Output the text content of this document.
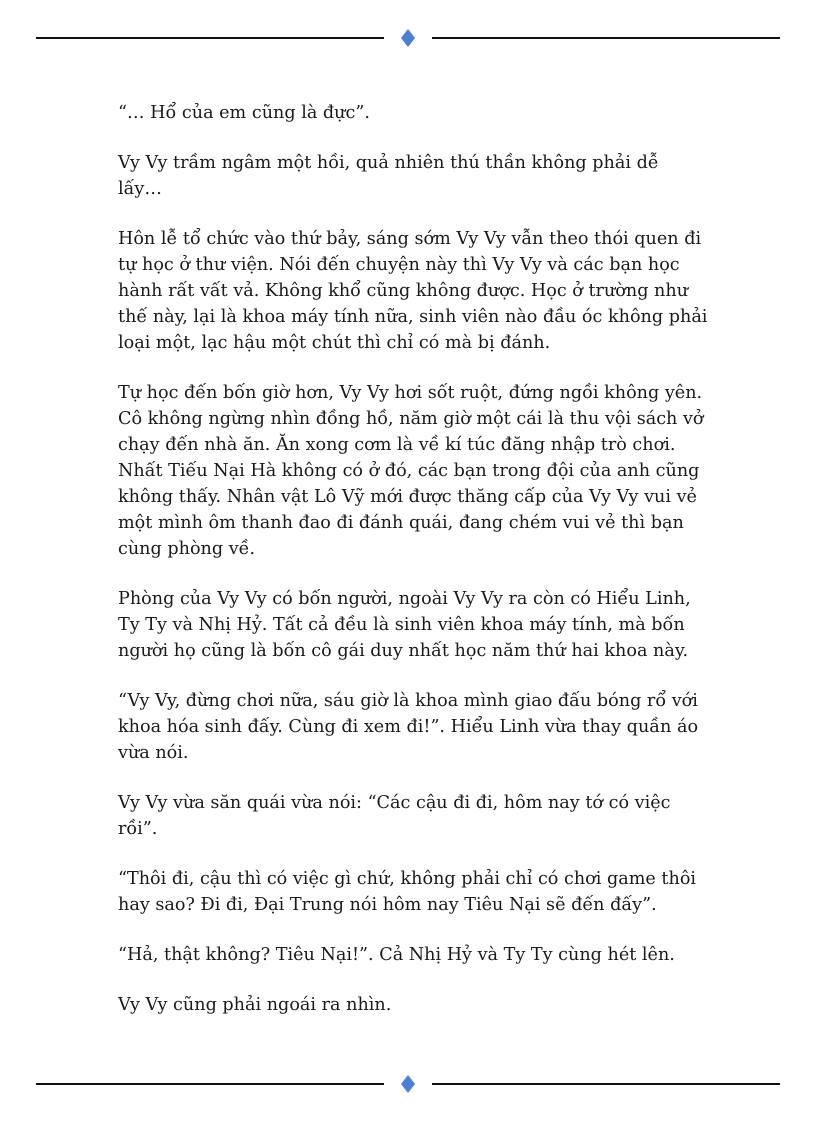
“… Hổ của em cũng là đực”.

Vy Vy trầm ngâm một hồi, quả nhiên thú thần không phải dễ lấy…

Hôn lễ tổ chức vào thứ bảy, sáng sớm Vy Vy vẫn theo thói quen đi tự học ở thư viện. Nói đến chuyện này thì Vy Vy và các bạn học hành rất vất vả. Không khổ cũng không được. Học ở trường như thế này, lại là khoa máy tính nữa, sinh viên nào đầu óc không phải loại một, lạc hậu một chút thì chỉ có mà bị đánh.

Tự học đến bốn giờ hơn, Vy Vy hơi sốt ruột, đứng ngồi không yên. Cô không ngừng nhìn đồng hồ, năm giờ một cái là thu vội sách vở chạy đến nhà ăn. Ăn xong cơm là về kí túc đăng nhập trò chơi. Nhất Tiếu Nại Hà không có ở đó, các bạn trong đội của anh cũng không thấy. Nhân vật Lô Vỹ mới được thăng cấp của Vy Vy vui vẻ một mình ôm thanh đao đi đánh quái, đang chém vui vẻ thì bạn cùng phòng về.

Phòng của Vy Vy có bốn người, ngoài Vy Vy ra còn có Hiểu Linh, Ty Ty và Nhị Hỷ. Tất cả đều là sinh viên khoa máy tính, mà bốn người họ cũng là bốn cô gái duy nhất học năm thứ hai khoa này.

“Vy Vy, đừng chơi nữa, sáu giờ là khoa mình giao đấu bóng rổ với khoa hóa sinh đấy. Cùng đi xem đi!”. Hiểu Linh vừa thay quần áo vừa nói.

Vy Vy vừa săn quái vừa nói: “Các cậu đi đi, hôm nay tớ có việc rồi”.

“Thôi đi, cậu thì có việc gì chứ, không phải chỉ có chơi game thôi hay sao? Đi đi, Đại Trung nói hôm nay Tiêu Nại sẽ đến đấy”.

“Hả, thật không? Tiêu Nại!”. Cả Nhị Hỷ và Ty Ty cùng hét lên.

Vy Vy cũng phải ngoái ra nhìn.
